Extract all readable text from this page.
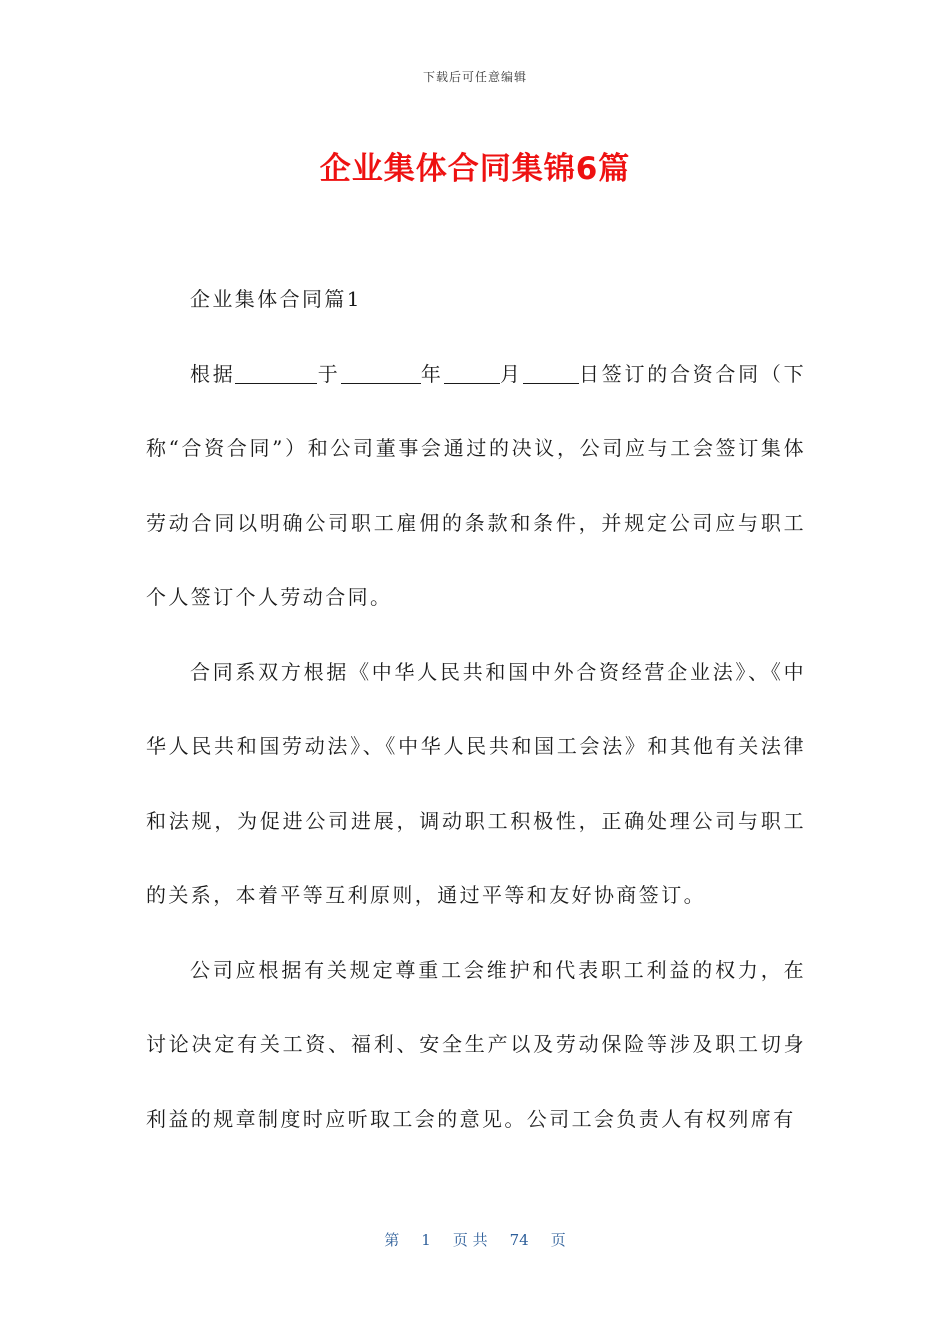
下载后可任意编辑
企业集体合同集锦6篇

企业集体合同篇1

根据	于	年	月	日签订的合资合同（下称“合资合同”）和公司董事会通过的决议，公司应与工会签订集体劳动合同以明确公司职工雇佣的条款和条件，并规定公司应与职工个人签订个人劳动合同。

合同系双方根据《中华人民共和国中外合资经营企业法》、《中华人民共和国劳动法》、《中华人民共和国工会法》和其他有关法律和法规，为促进公司进展，调动职工积极性，正确处理公司与职工的关系，本着平等互利原则，通过平等和友好协商签订。

公司应根据有关规定尊重工会维护和代表职工利益的权力，在讨论决定有关工资、福利、安全生产以及劳动保险等涉及职工切身利益的规章制度时应听取工会的意见。公司工会负责人有权列席有

第 1 页 共 74 页
